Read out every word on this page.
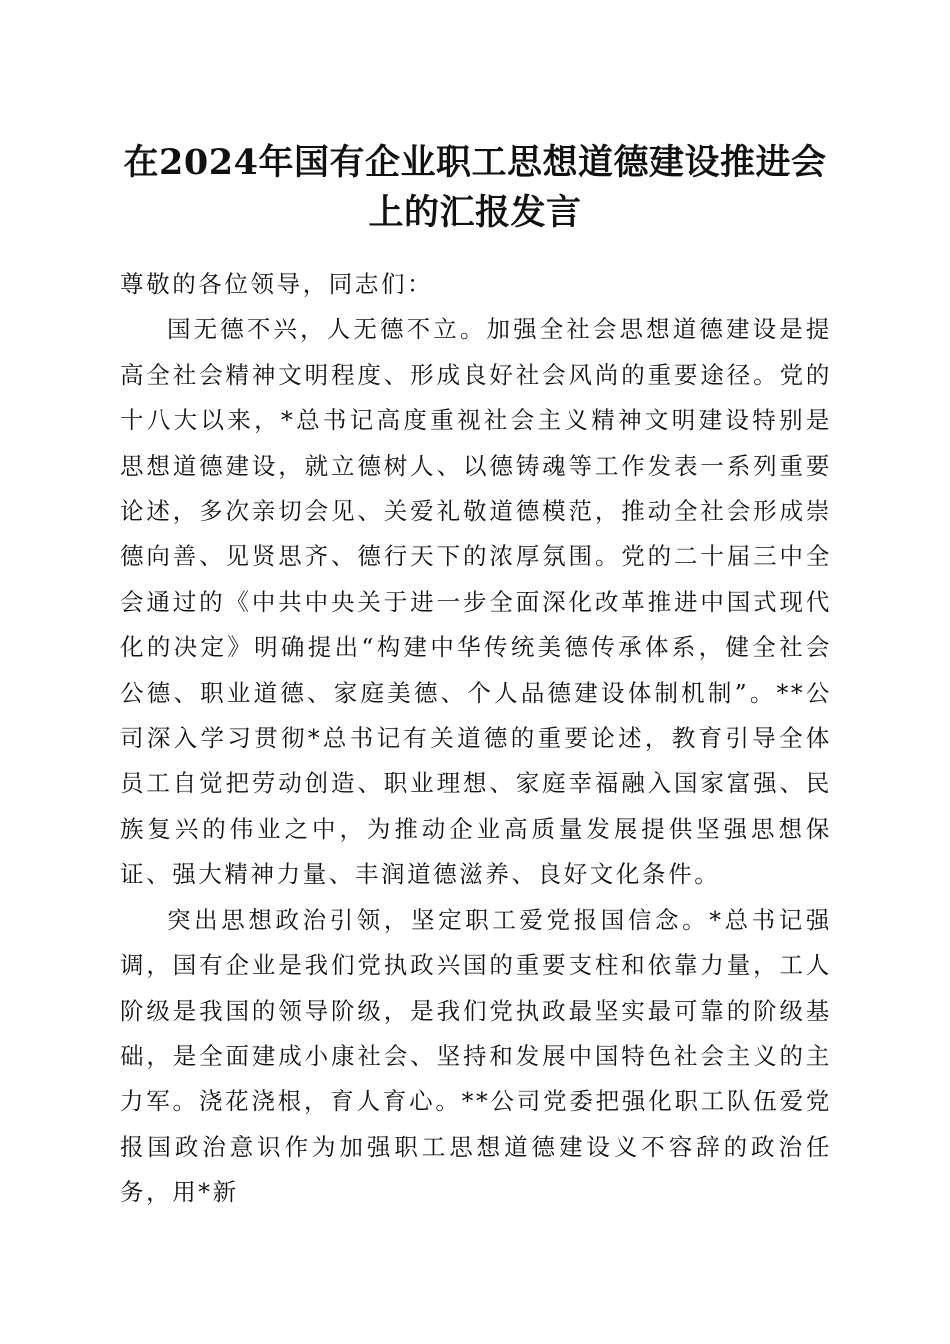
在2024年国有企业职工思想道德建设推进会
上的汇报发言

尊敬的各位领导，同志们：

国无德不兴，人无德不立。加强全社会思想道德建设是提高全社会精神文明程度、形成良好社会风尚的重要途径。党的十八大以来，*总书记高度重视社会主义精神文明建设特别是思想道德建设，就立德树人、以德铸魂等工作发表一系列重要论述，多次亲切会见、关爱礼敬道德模范，推动全社会形成崇德向善、见贤思齐、德行天下的浓厚氛围。党的二十届三中全会通过的《中共中央关于进一步全面深化改革推进中国式现代化的决定》明确提出“构建中华传统美德传承体系，健全社会公德、职业道德、家庭美德、个人品德建设体制机制”。**公司深入学习贯彻*总书记有关道德的重要论述，教育引导全体员工自觉把劳动创造、职业理想、家庭幸福融入国家富强、民族复兴的伟业之中，为推动企业高质量发展提供坚强思想保证、强大精神力量、丰润道德滋养、良好文化条件。

突出思想政治引领，坚定职工爱党报国信念。*总书记强调，国有企业是我们党执政兴国的重要支柱和依靠力量，工人阶级是我国的领导阶级，是我们党执政最坚实最可靠的阶级基础，是全面建成小康社会、坚持和发展中国特色社会主义的主力军。浇花浇根，育人育心。**公司党委把强化职工队伍爱党报国政治意识作为加强职工思想道德建设义不容辞的政治任务，用*新
